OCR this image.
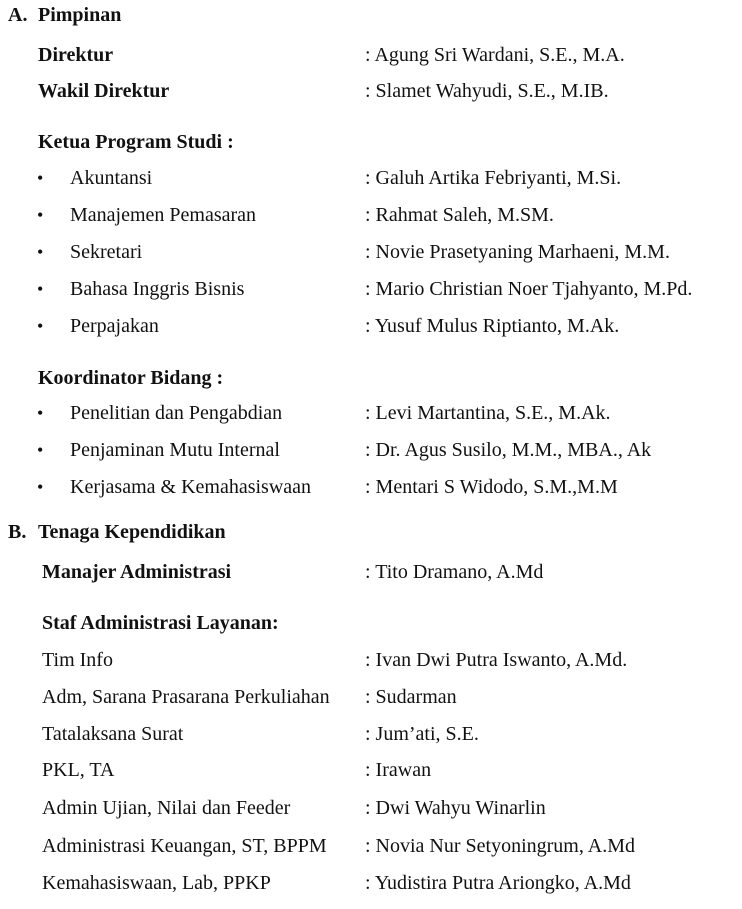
A. Pimpinan
Direktur	: Agung Sri Wardani, S.E., M.A.
Wakil Direktur	: Slamet Wahyudi, S.E., M.IB.
Ketua Program Studi :
• Akuntansi	: Galuh Artika Febriyanti, M.Si.
• Manajemen Pemasaran	: Rahmat Saleh, M.SM.
• Sekretari	: Novie Prasetyaning Marhaeni, M.M.
• Bahasa Inggris Bisnis	: Mario Christian Noer Tjahyanto, M.Pd.
• Perpajakan	: Yusuf Mulus Riptianto, M.Ak.
Koordinator Bidang :
• Penelitian dan Pengabdian	: Levi Martantina, S.E., M.Ak.
• Penjaminan Mutu Internal	: Dr. Agus Susilo, M.M., MBA., Ak
• Kerjasama & Kemahasiswaan	: Mentari S Widodo, S.M.,M.M
B. Tenaga Kependidikan
Manajer Administrasi	: Tito Dramano, A.Md
Staf Administrasi Layanan:
Tim Info	: Ivan Dwi Putra Iswanto, A.Md.
Adm, Sarana Prasarana Perkuliahan : Sudarman
Tatalaksana Surat	: Jum’ati, S.E.
PKL, TA	: Irawan
Admin Ujian, Nilai dan Feeder	: Dwi Wahyu Winarlin
Administrasi Keuangan, ST, BPPM : Novia Nur Setyoningrum, A.Md
Kemahasiswaan, Lab, PPKP	: Yudistira Putra Ariongko, A.Md
